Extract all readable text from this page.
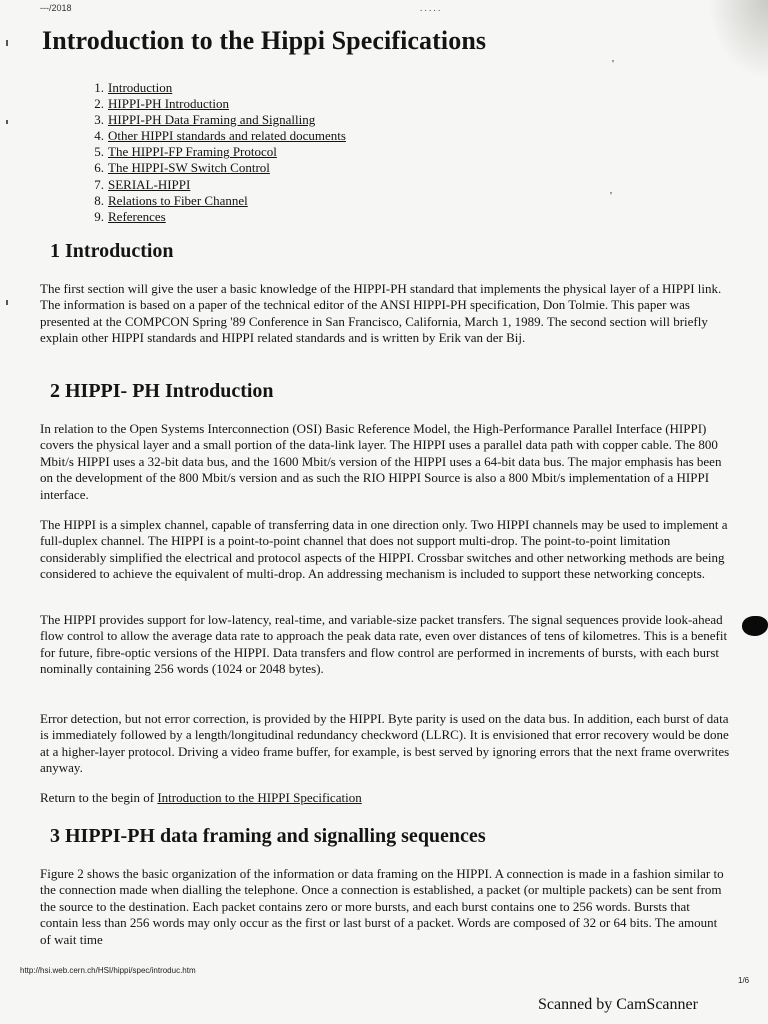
---/2018	. . . . .
Introduction to the Hippi Specifications
1. Introduction
2. HIPPI-PH Introduction
3. HIPPI-PH Data Framing and Signalling
4. Other HIPPI standards and related documents
5. The HIPPI-FP Framing Protocol
6. The HIPPI-SW Switch Control
7. SERIAL-HIPPI
8. Relations to Fiber Channel
9. References
'
'
1 Introduction

The first section will give the user a basic knowledge of the HIPPI-PH standard that implements the physical layer of a HIPPI link. The information is based on a paper of the technical editor of the ANSI HIPPI-PH specification, Don Tolmie. This paper was presented at the COMPCON Spring '89 Conference in San Francisco, California, March 1, 1989. The second section will briefly explain other HIPPI standards and HIPPI related standards and is written by Erik van der Bij.

2 HIPPI- PH Introduction

In relation to the Open Systems Interconnection (OSI) Basic Reference Model, the High-Performance Parallel Interface (HIPPI) covers the physical layer and a small portion of the data-link layer. The HIPPI uses a parallel data path with copper cable. The 800 Mbit/s HIPPI uses a 32-bit data bus, and the 1600 Mbit/s version of the HIPPI uses a 64-bit data bus. The major emphasis has been on the development of the 800 Mbit/s version and as such the RIO HIPPI Source is also a 800 Mbit/s implementation of a HIPPI interface.

The HIPPI is a simplex channel, capable of transferring data in one direction only. Two HIPPI channels may be used to implement a full-duplex channel. The HIPPI is a point-to-point channel that does not support multi-drop. The point-to-point limitation considerably simplified the electrical and protocol aspects of the HIPPI. Crossbar switches and other networking methods are being considered to achieve the equivalent of multi-drop. An addressing mechanism is included to support these networking concepts.

The HIPPI provides support for low-latency, real-time, and variable-size packet transfers. The signal sequences provide look-ahead flow control to allow the average data rate to approach the peak data rate, even over distances of tens of kilometres. This is a benefit for future, fibre-optic versions of the HIPPI. Data transfers and flow control are performed in increments of bursts, with each burst nominally containing 256 words (1024 or 2048 bytes).

Error detection, but not error correction, is provided by the HIPPI. Byte parity is used on the data bus. In addition, each burst of data is immediately followed by a length/longitudinal redundancy checkword (LLRC). It is envisioned that error recovery would be done at a higher-layer protocol. Driving a video frame buffer, for example, is best served by ignoring errors that the next frame overwrites anyway.

Return to the begin of Introduction to the HIPPI Specification

3 HIPPI-PH data framing and signalling sequences

Figure 2 shows the basic organization of the information or data framing on the HIPPI. A connection is made in a fashion similar to the connection made when dialling the telephone. Once a connection is established, a packet (or multiple packets) can be sent from the source to the destination. Each packet contains zero or more bursts, and each burst contains one to 256 words. Bursts that contain less than 256 words may only occur as the first or last burst of a packet. Words are composed of 32 or 64 bits. The amount of wait time

http://hsi.web.cern.ch/HSI/hippi/spec/introduc.htm
1/6
Scanned by CamScanner
